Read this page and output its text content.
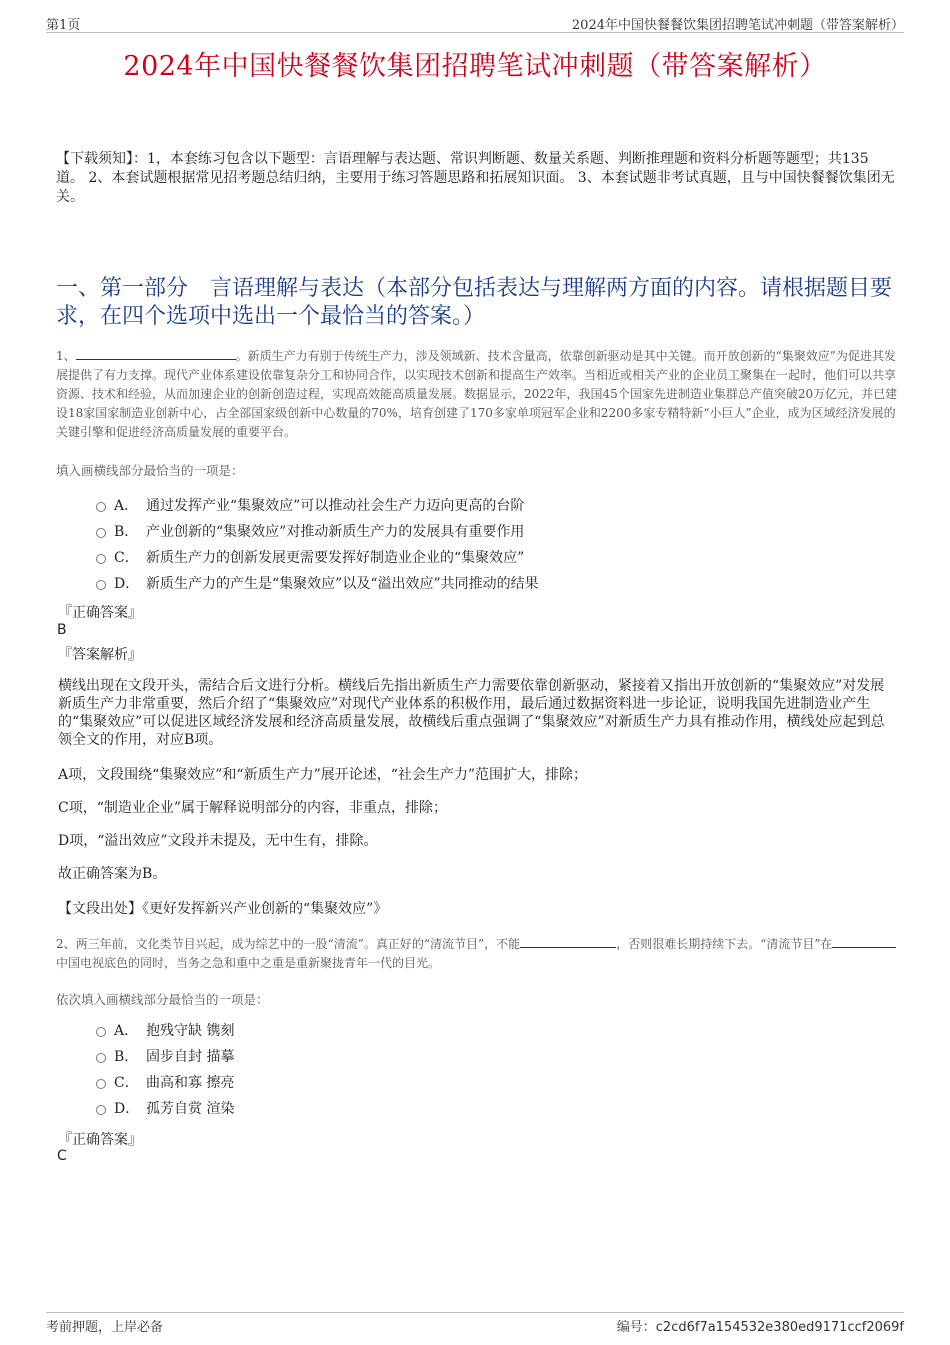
第1页	2024年中国快餐餐饮集团招聘笔试冲刺题（带答案解析）
2024年中国快餐餐饮集团招聘笔试冲刺题（带答案解析）
【下载须知】：1，本套练习包含以下题型：言语理解与表达题、常识判断题、数量关系题、判断推理题和资料分析题等题型；共135道。 2、本套试题根据常见招考题总结归纳，主要用于练习答题思路和拓展知识面。 3、本套试题非考试真题，且与中国快餐餐饮集团无关。
一、第一部分　言语理解与表达（本部分包括表达与理解两方面的内容。请根据题目要求，在四个选项中选出一个最恰当的答案。）
1、	。新质生产力有别于传统生产力，涉及领域新、技术含量高，依靠创新驱动是其中关键。而开放创新的“集聚效应”为促进其发展提供了有力支撑。现代产业体系建设依靠复杂分工和协同合作，以实现技术创新和提高生产效率。当相近或相关产业的企业员工聚集在一起时，他们可以共享资源、技术和经验，从而加速企业的创新创造过程，实现高效能高质量发展。数据显示，2022年，我国45个国家先进制造业集群总产值突破20万亿元，并已建设18家国家制造业创新中心，占全部国家级创新中心数量的70%，培育创建了170多家单项冠军企业和2200多家专精特新“小巨人”企业，成为区域经济发展的关键引擎和促进经济高质量发展的重要平台。
填入画横线部分最恰当的一项是：
A． 通过发挥产业“集聚效应”可以推动社会生产力迈向更高的台阶
B． 产业创新的“集聚效应”对推动新质生产力的发展具有重要作用
C． 新质生产力的创新发展更需要发挥好制造业企业的“集聚效应”
D． 新质生产力的产生是“集聚效应”以及“溢出效应”共同推动的结果
『正确答案』
B
『答案解析』
横线出现在文段开头，需结合后文进行分析。横线后先指出新质生产力需要依靠创新驱动，紧接着又指出开放创新的“集聚效应”对发展新质生产力非常重要，然后介绍了“集聚效应”对现代产业体系的积极作用，最后通过数据资料进一步论证，说明我国先进制造业产生的“集聚效应”可以促进区域经济发展和经济高质量发展，故横线后重点强调了“集聚效应”对新质生产力具有推动作用，横线处应起到总领全文的作用，对应B项。
A项，文段围绕“集聚效应”和“新质生产力”展开论述，“社会生产力”范围扩大，排除；
C项，“制造业企业”属于解释说明部分的内容，非重点，排除；
D项，“溢出效应”文段并未提及，无中生有，排除。
故正确答案为B。
【文段出处】《更好发挥新兴产业创新的“集聚效应”》
2、两三年前，文化类节目兴起，成为综艺中的一股“清流”。真正好的“清流节目”，不能	，否则很难长期持续下去。“清流节目”在中国电视底色的同时，当务之急和重中之重是重新聚拢青年一代的目光。
依次填入画横线部分最恰当的一项是：
A． 抱残守缺 镌刻
B． 固步自封 描摹
C． 曲高和寡 擦亮
D． 孤芳自赏 渲染
『正确答案』
C
考前押题，上岸必备	编号：c2cd6f7a154532e380ed9171ccf2069f
